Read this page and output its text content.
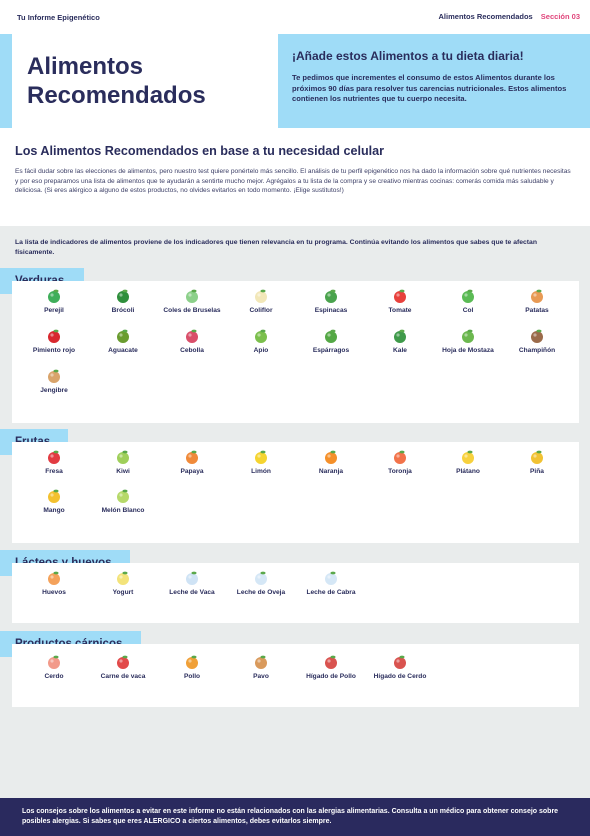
Tu Informe Epigenético	Alimentos Recomendados Sección 03
Alimentos
Recomendados
¡Añade estos Alimentos a tu dieta diaria!

Te pedimos que incrementes el consumo de estos Alimentos durante los próximos 90 días para resolver tus carencias nutricionales. Estos alimentos contienen los nutrientes que tu cuerpo necesita.

Los Alimentos Recomendados en base a tu necesidad celular

Es fácil dudar sobre las elecciones de alimentos, pero nuestro test quiere ponértelo más sencillo. El análisis de tu perfil epigenético nos ha dado la información sobre qué nutrientes necesitas y por eso preparamos una lista de alimentos que te ayudarán a sentirte mucho mejor. Agrégalos a tu lista de la compra y se creativo mientras cocinas: comerás comida más saludable y deliciosa. (Si eres alérgico a alguno de estos productos, no olvides evitarlos en todo momento. ¡Elige sustitutos!)

La lista de indicadores de alimentos proviene de los indicadores que tienen relevancia en tu programa. Continúa evitando los alimentos que sabes que te afectan físicamente.
Perejil	Brócoli	Coles de Bruselas	Coliflor	Espinacas	Tomate	Col	Patatas
Pimiento rojo	Aguacate	Cebolla	Apio	Espárragos	Kale	Hoja de Mostaza	Champiñón
Jengibre
Fresa	Kiwi	Papaya	Limón	Naranja	Toronja	Plátano	Piña
Mango	Melón Blanco
Huevos	Yogurt	Leche de Vaca	Leche de Oveja	Leche de Cabra
Cerdo	Carne de vaca	Pollo	Pavo	Hígado de Pollo	Hígado de Cerdo

Los consejos sobre los alimentos a evitar en este informe no están relacionados con las alergias alimentarias. Consulta a un médico para obtener consejo sobre posibles alergias. Si sabes que eres ALERGICO a ciertos alimentos, debes evitarlos siempre.
